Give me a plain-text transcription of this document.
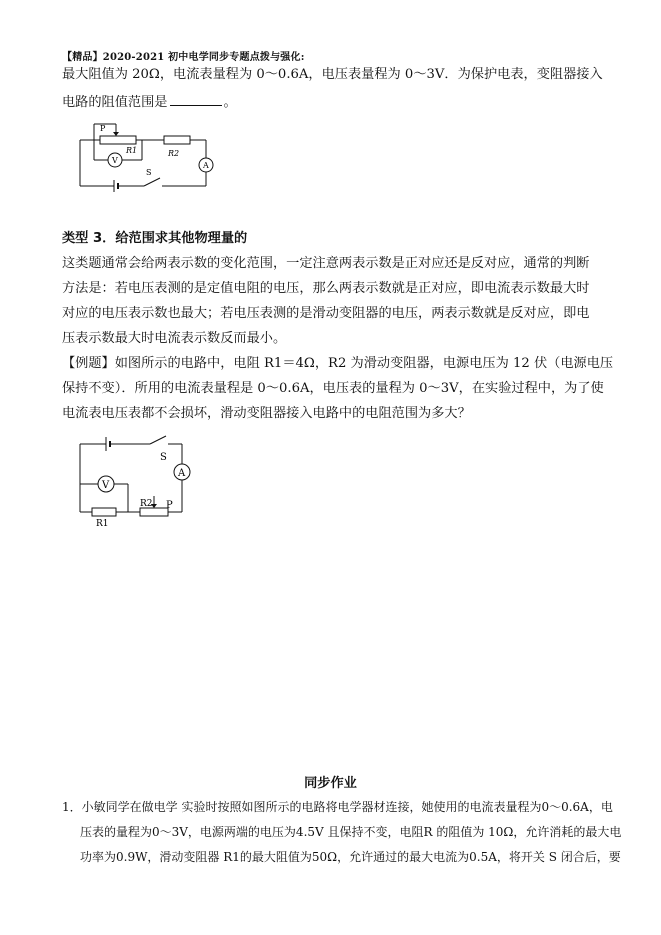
【精品】2020-2021 初中电学同步专题点拨与强化:
最大阻值为 20Ω，电流表量程为 0～0.6A，电压表量程为 0～3V．为保护电表，变阻器接入
电路的阻值范围是	。
P
R1	R2
V
A
S
类型 3．给范围求其他物理量的
这类题通常会给两表示数的变化范围，一定注意两表示数是正对应还是反对应，通常的判断
方法是：若电压表测的是定值电阻的电压，那么两表示数就是正对应，即电流表示数最大时
对应的电压表示数也最大；若电压表测的是滑动变阻器的电压，两表示数就是反对应，即电
压表示数最大时电流表示数反而最小。
【例题】如图所示的电路中，电阻 R1＝4Ω，R2 为滑动变阻器，电源电压为 12 伏（电源电压
保持不变）．所用的电流表量程是 0～0.6A，电压表的量程为 0～3V，在实验过程中，为了使
电流表电压表都不会损坏，滑动变阻器接入电路中的电阻范围为多大？
S
A
V
R1
R2 P
同步作业
1．小敏同学在做电学 实验时按照如图所示的电路将电学器材连接，她使用的电流表量程为0～0.6A，电
压表的量程为0～3V，电源两端的电压为4.5V 且保持不变，电阻R 的阻值为 10Ω，允许消耗的最大电
功率为0.9W，滑动变阻器 R1的最大阻值为50Ω，允许通过的最大电流为0.5A，将开关 S 闭合后，要
